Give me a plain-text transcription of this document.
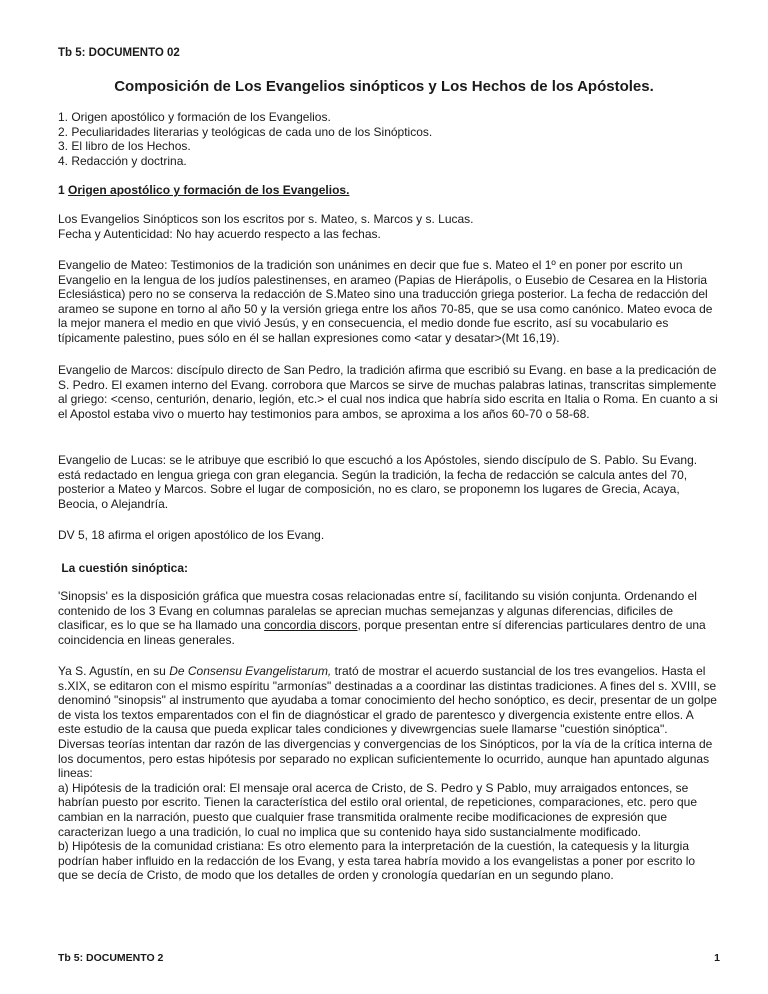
Tb 5: DOCUMENTO 02
Composición de Los Evangelios sinópticos y Los Hechos de los Apóstoles.
1. Origen apostólico y formación de los Evangelios.
2. Peculiaridades literarias y teológicas de cada uno de los Sinópticos.
3. El libro de los Hechos.
4. Redacción y doctrina.
1 Origen apostólico y formación de los Evangelios.
Los Evangelios Sinópticos son los escritos por s. Mateo, s. Marcos y s. Lucas.
Fecha y Autenticidad: No hay acuerdo respecto a las fechas.

Evangelio de Mateo: Testimonios de la tradición son unánimes en decir que fue s. Mateo el 1º en poner por escrito un Evangelio en la lengua de los judíos palestinenses, en arameo (Papias de Hierápolis, o Eusebio de Cesarea en la Historia Eclesiástica) pero no se conserva la redacción de S.Mateo sino una traducción griega posterior. La fecha de redacción del arameo se supone en torno al año 50 y la versión griega entre los años 70-85, que se usa como canónico. Mateo evoca de la mejor manera el medio en que vivió Jesús, y en consecuencia, el medio donde fue escrito, así su vocabulario es típicamente palestino, pues sólo en él se hallan expresiones como <atar y desatar>(Mt 16,19).

Evangelio de Marcos: discípulo directo de San Pedro, la tradición afirma que escribió su Evang. en base a la predicación de S. Pedro. El examen interno del Evang. corrobora que Marcos se sirve de muchas palabras latinas, transcritas simplemente al griego: <censo, centurión, denario, legión, etc.> el cual nos indica que habría sido escrita en Italia o Roma. En cuanto a si el Apostol estaba vivo o muerto hay testimonios para ambos, se aproxima a los años 60-70 o 58-68.

Evangelio de Lucas: se le atribuye que escribió lo que escuchó a los Apóstoles, siendo discípulo de S. Pablo. Su Evang. está redactado en lengua griega con gran elegancia. Según la tradición, la fecha de redacción se calcula antes del 70, posterior a Mateo y Marcos. Sobre el lugar de composición, no es claro, se proponemn los lugares de Grecia, Acaya, Beocia, o Alejandría.

DV 5, 18 afirma el origen apostólico de los Evang.

La cuestión sinóptica:

'Sinopsis' es la disposición gráfica que muestra cosas relacionadas entre sí, facilitando su visión conjunta. Ordenando el contenido de los 3 Evang en columnas paralelas se aprecian muchas semejanzas y algunas diferencias, dificiles de clasificar, es lo que se ha llamado una concordia discors, porque presentan entre sí diferencias particulares dentro de una coincidencia en lineas generales.

Ya S. Agustín, en su De Consensu Evangelistarum, trató de mostrar el acuerdo sustancial de los tres evangelios. Hasta el s.XIX, se editaron con el mismo espíritu "armonías" destinadas a a coordinar las distintas tradiciones. A fines del s. XVIII, se denominó "sinopsis" al instrumento que ayudaba a tomar conocimiento del hecho sonóptico, es decir, presentar de un golpe de vista los textos emparentados con el fin de diagnósticar el grado de parentesco y divergencia existente entre ellos. A este estudio de la causa que pueda explicar tales condiciones y divewrgencias suele llamarse "cuestión sinóptica".

Diversas teorías intentan dar razón de las divergencias y convergencias de los Sinópticos, por la vía de la crítica interna de los documentos, pero estas hipótesis por separado no explican suficientemente lo ocurrido, aunque han apuntado algunas lineas:

a) Hipótesis de la tradición oral: El mensaje oral acerca de Cristo, de S. Pedro y S Pablo, muy arraigados entonces, se habrían puesto por escrito. Tienen la característica del estilo oral oriental, de repeticiones, comparaciones, etc. pero que cambian en la narración, puesto que cualquier frase transmitida oralmente recibe modificaciones de expresión que caracterizan luego a una tradición, lo cual no implica que su contenido haya sido sustancialmente modificado.

b) Hipótesis de la comunidad cristiana: Es otro elemento para la interpretación de la cuestión, la catequesis y la liturgia podrían haber influido en la redacción de los Evang, y esta tarea habría movido a los evangelistas a poner por escrito lo que se decía de Cristo, de modo que los detalles de orden y cronología quedarían en un segundo plano.

Tb 5: DOCUMENTO 2	1
